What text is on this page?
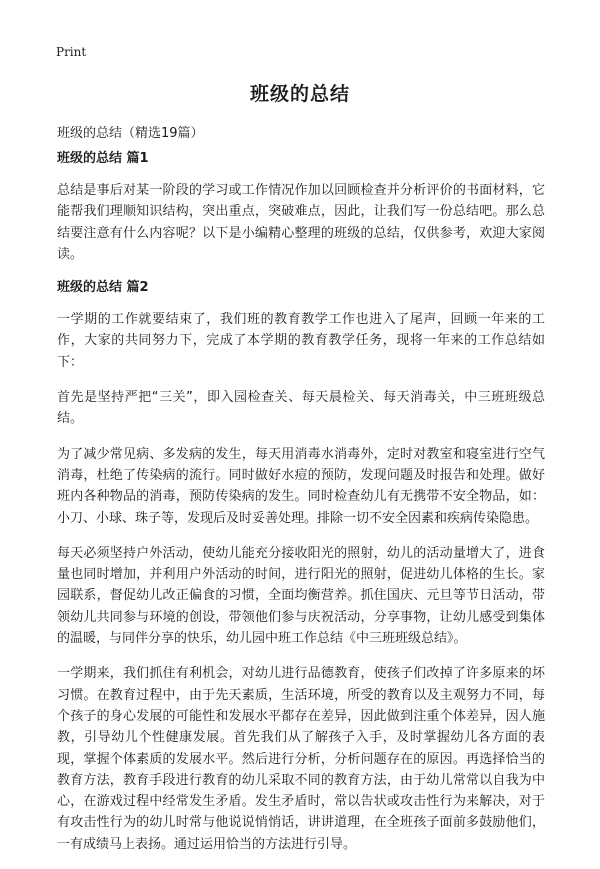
Print
班级的总结
班级的总结（精选19篇）
班级的总结 篇1

总结是事后对某一阶段的学习或工作情况作加以回顾检查并分析评价的书面材料，它能帮我们理顺知识结构，突出重点，突破难点，因此，让我们写一份总结吧。那么总结要注意有什么内容呢？以下是小编精心整理的班级的总结，仅供参考，欢迎大家阅读。

班级的总结 篇2

一学期的工作就要结束了，我们班的教育教学工作也进入了尾声，回顾一年来的工作，大家的共同努力下，完成了本学期的教育教学任务，现将一年来的工作总结如下：

首先是坚持严把“三关”，即入园检查关、每天晨检关、每天消毒关，中三班班级总结。

为了减少常见病、多发病的发生，每天用消毒水消毒外，定时对教室和寝室进行空气消毒，杜绝了传染病的流行。同时做好水痘的预防，发现问题及时报告和处理。做好班内各种物品的消毒，预防传染病的发生。同时检查幼儿有无携带不安全物品，如：小刀、小球、珠子等，发现后及时妥善处理。排除一切不安全因素和疾病传染隐患。

每天必须坚持户外活动，使幼儿能充分接收阳光的照射，幼儿的活动量增大了，进食量也同时增加，并利用户外活动的时间，进行阳光的照射，促进幼儿体格的生长。家园联系，督促幼儿改正偏食的习惯，全面均衡营养。抓住国庆、元旦等节日活动，带领幼儿共同参与环境的创设，带领他们参与庆祝活动，分享事物，让幼儿感受到集体的温暖，与同伴分享的快乐，幼儿园中班工作总结《中三班班级总结》。

一学期来，我们抓住有利机会，对幼儿进行品德教育，使孩子们改掉了许多原来的坏习惯。在教育过程中，由于先天素质，生活环境，所受的教育以及主观努力不同，每个孩子的身心发展的可能性和发展水平都存在差异，因此做到注重个体差异，因人施教，引导幼儿个性健康发展。首先我们从了解孩子入手，及时掌握幼儿各方面的表现，掌握个体素质的发展水平。然后进行分析，分析问题存在的原因。再选择恰当的教育方法，教育手段进行教育的幼儿采取不同的教育方法，由于幼儿常常以自我为中心，在游戏过程中经常发生矛盾。发生矛盾时，常以告状或攻击性行为来解决，对于有攻击性行为的幼儿时常与他说说悄悄话，讲讲道理，在全班孩子面前多鼓励他们，一有成绩马上表扬。通过运用恰当的方法进行引导。
